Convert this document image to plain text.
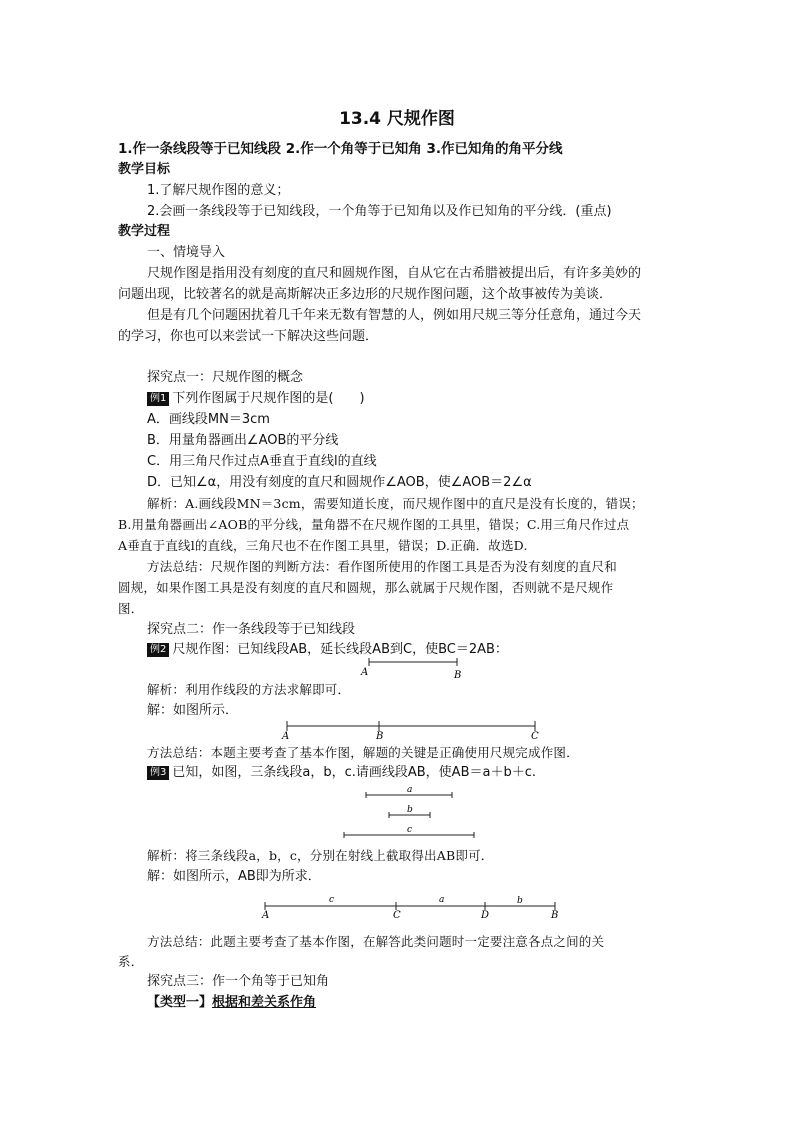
13.4 尺规作图
1.作一条线段等于已知线段 2.作一个角等于已知角 3.作已知角的角平分线
教学目标
1.了解尺规作图的意义；
2.会画一条线段等于已知线段，一个角等于已知角以及作已知角的平分线．(重点)
教学过程
一、情境导入
尺规作图是指用没有刻度的直尺和圆规作图，自从它在古希腊被提出后，有许多美妙的
问题出现，比较著名的就是高斯解决正多边形的尺规作图问题，这个故事被传为美谈．
但是有几个问题困扰着几千年来无数有智慧的人，例如用尺规三等分任意角，通过今天
的学习，你也可以来尝试一下解决这些问题．
探究点一：尺规作图的概念
例1 下列作图属于尺规作图的是(　　)
A．画线段MN＝3cm
B．用量角器画出∠AOB的平分线
C．用三角尺作过点A垂直于直线l的直线
D．已知∠α，用没有刻度的直尺和圆规作∠AOB，使∠AOB＝2∠α
解析：A.画线段MN＝3cm，需要知道长度，而尺规作图中的直尺是没有长度的，错误；
B.用量角器画出∠AOB的平分线，量角器不在尺规作图的工具里，错误；C.用三角尺作过点
A垂直于直线l的直线，三角尺也不在作图工具里，错误；D.正确．故选D.
方法总结：尺规作图的判断方法：看作图所使用的作图工具是否为没有刻度的直尺和
圆规，如果作图工具是没有刻度的直尺和圆规，那么就属于尺规作图，否则就不是尺规作
图．
探究点二：作一条线段等于已知线段
例2 尺规作图：已知线段AB，延长线段AB到C，使BC＝2AB：
A	B
解析：利用作线段的方法求解即可．
解：如图所示．
A	B	C
方法总结：本题主要考查了基本作图，解题的关键是正确使用尺规完成作图．
例3 已知，如图，三条线段a，b，c.请画线段AB，使AB＝a＋b＋c.
a
b
c
解析：将三条线段a，b，c，分别在射线上截取得出AB即可．
解：如图所示，AB即为所求．
c	a	b
A	C	D	B
方法总结：此题主要考查了基本作图，在解答此类问题时一定要注意各点之间的关
系．
探究点三：作一个角等于已知角
【类型一】根据和差关系作角
